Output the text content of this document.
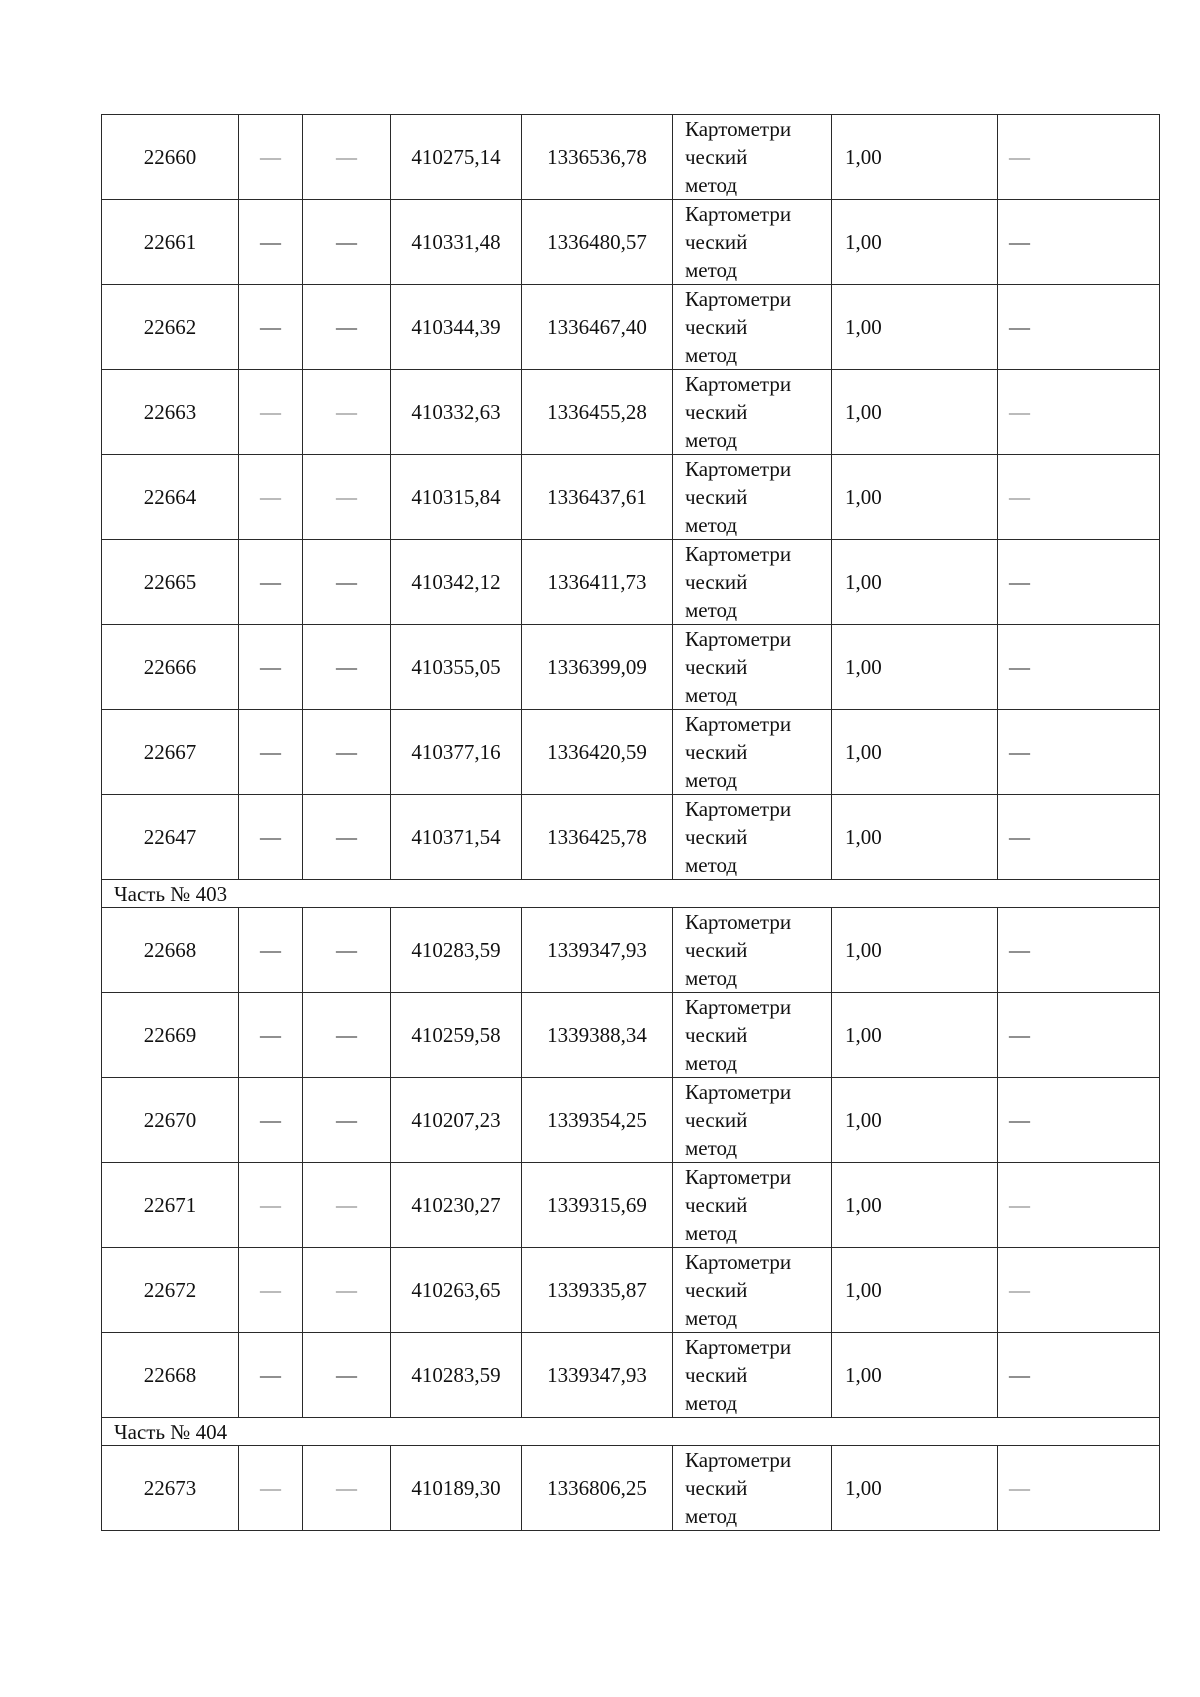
22660	—	—	410275,14	1336536,78	Картометри
ческий
метод	1,00	—
22661	—	—	410331,48	1336480,57	Картометри
ческий
метод	1,00	—
22662	—	—	410344,39	1336467,40	Картометри
ческий
метод	1,00	—
22663	—	—	410332,63	1336455,28	Картометри
ческий
метод	1,00	—
22664	—	—	410315,84	1336437,61	Картометри
ческий
метод	1,00	—
22665	—	—	410342,12	1336411,73	Картометри
ческий
метод	1,00	—
22666	—	—	410355,05	1336399,09	Картометри
ческий
метод	1,00	—
22667	—	—	410377,16	1336420,59	Картометри
ческий
метод	1,00	—
22647	—	—	410371,54	1336425,78	Картометри
ческий
метод	1,00	—
Часть № 403							
22668	—	—	410283,59	1339347,93	Картометри
ческий
метод	1,00	—
22669	—	—	410259,58	1339388,34	Картометри
ческий
метод	1,00	—
22670	—	—	410207,23	1339354,25	Картометри
ческий
метод	1,00	—
22671	—	—	410230,27	1339315,69	Картометри
ческий
метод	1,00	—
22672	—	—	410263,65	1339335,87	Картометри
ческий
метод	1,00	—
22668	—	—	410283,59	1339347,93	Картометри
ческий
метод	1,00	—
Часть № 404							
22673	—	—	410189,30	1336806,25	Картометри
ческий
метод	1,00	—
